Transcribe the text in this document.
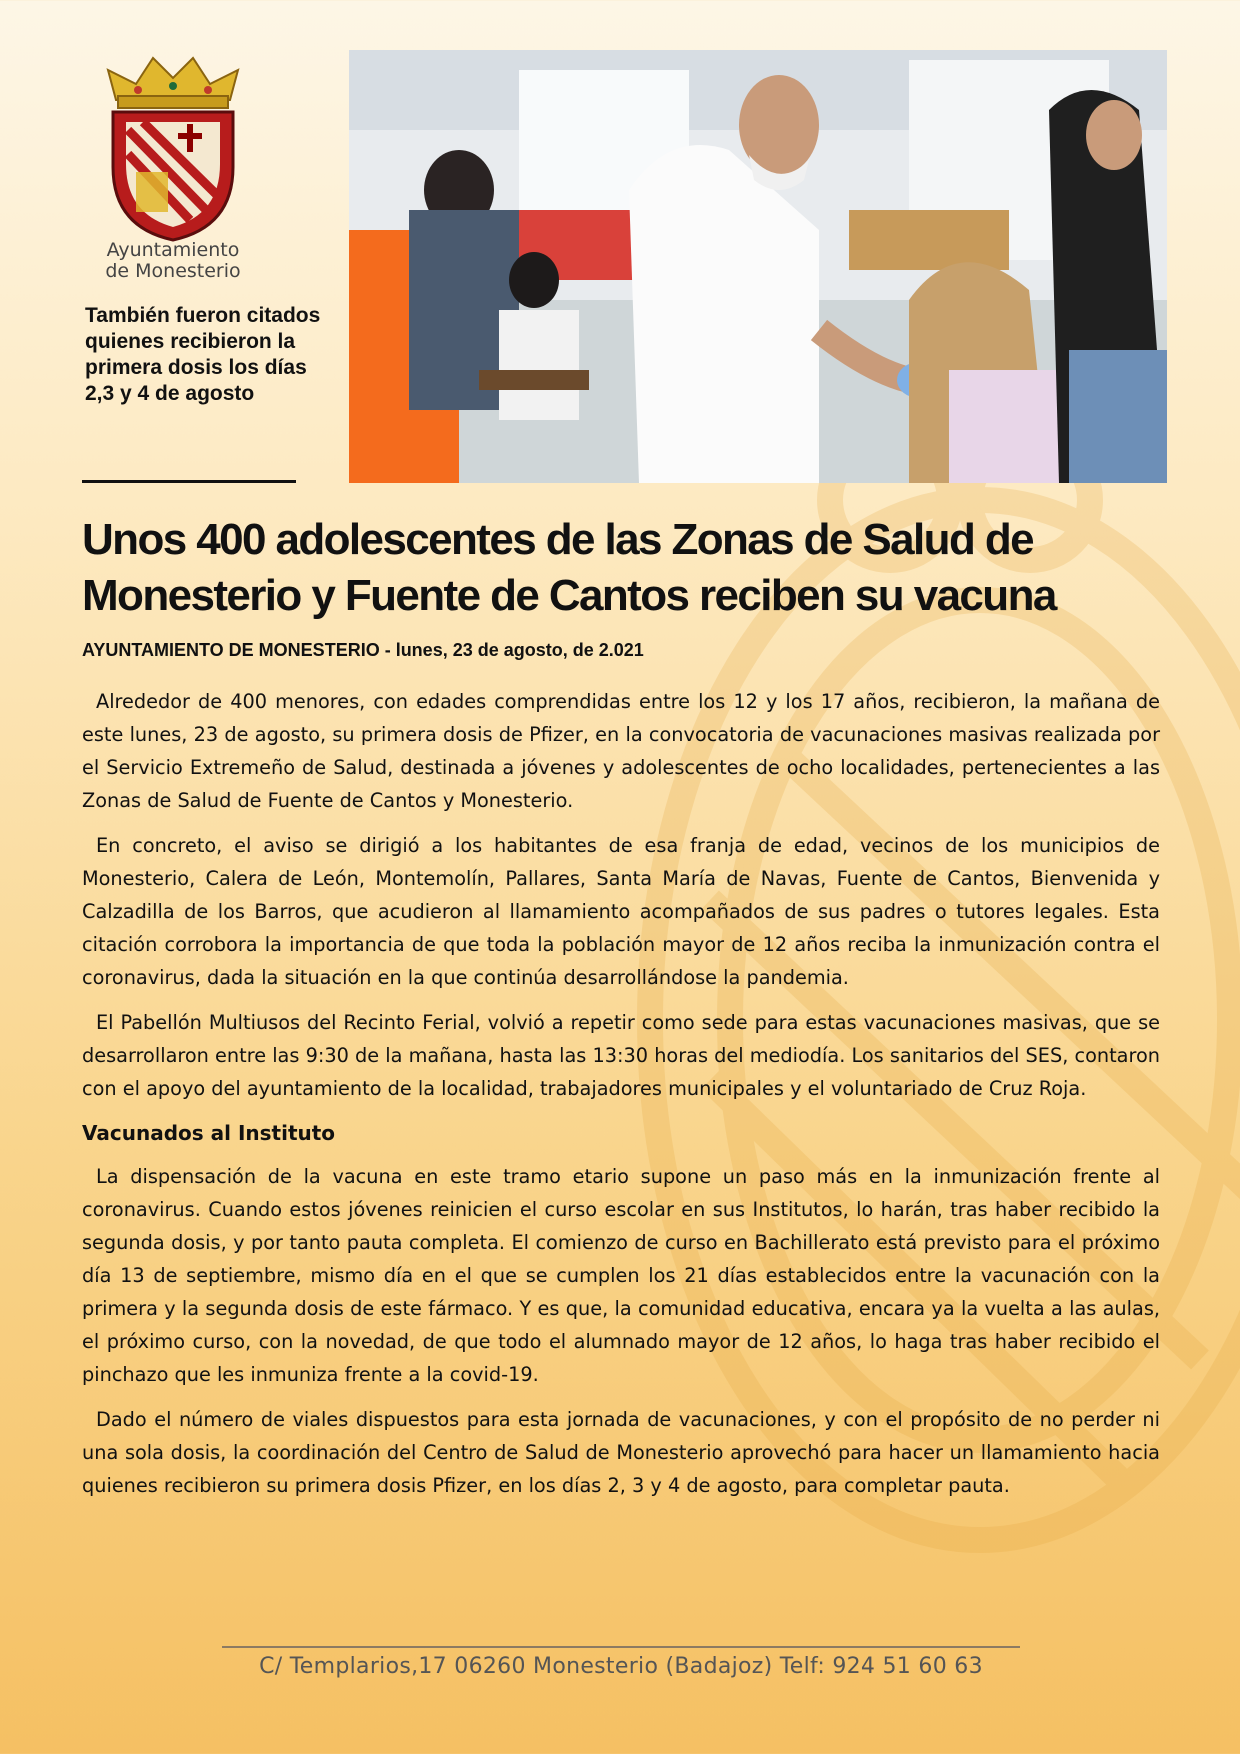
Ayuntamiento
de Monesterio
También fueron citados quienes recibieron la primera dosis los días 2,3 y 4 de agosto
Unos 400 adolescentes de las Zonas de Salud de Monesterio y Fuente de Cantos reciben su vacuna
AYUNTAMIENTO DE MONESTERIO - lunes, 23 de agosto, de 2.021

Alrededor de 400 menores, con edades comprendidas entre los 12 y los 17 años, recibieron, la mañana de este lunes, 23 de agosto, su primera dosis de Pfizer, en la convocatoria de vacunaciones masivas realizada por el Servicio Extremeño de Salud, destinada a jóvenes y adolescentes de ocho localidades, pertenecientes a las Zonas de Salud de Fuente de Cantos y Monesterio.

En concreto, el aviso se dirigió a los habitantes de esa franja de edad, vecinos de los municipios de Monesterio, Calera de León, Montemolín, Pallares, Santa María de Navas, Fuente de Cantos, Bienvenida y Calzadilla de los Barros, que acudieron al llamamiento acompañados de sus padres o tutores legales. Esta citación corrobora la importancia de que toda la población mayor de 12 años reciba la inmunización contra el coronavirus, dada la situación en la que continúa desarrollándose la pandemia.

El Pabellón Multiusos del Recinto Ferial, volvió a repetir como sede para estas vacunaciones masivas, que se desarrollaron entre las 9:30 de la mañana, hasta las 13:30 horas del mediodía. Los sanitarios del SES, contaron con el apoyo del ayuntamiento de la localidad, trabajadores municipales y el voluntariado de Cruz Roja.

Vacunados al Instituto

La dispensación de la vacuna en este tramo etario supone un paso más en la inmunización frente al coronavirus. Cuando estos jóvenes reinicien el curso escolar en sus Institutos, lo harán, tras haber recibido la segunda dosis, y por tanto pauta completa. El comienzo de curso en Bachillerato está previsto para el próximo día 13 de septiembre, mismo día en el que se cumplen los 21 días establecidos entre la vacunación con la primera y la segunda dosis de este fármaco. Y es que, la comunidad educativa, encara ya la vuelta a las aulas, el próximo curso, con la novedad, de que todo el alumnado mayor de 12 años, lo haga tras haber recibido el pinchazo que les inmuniza frente a la covid-19.

Dado el número de viales dispuestos para esta jornada de vacunaciones, y con el propósito de no perder ni una sola dosis, la coordinación del Centro de Salud de Monesterio aprovechó para hacer un llamamiento hacia quienes recibieron su primera dosis Pfizer, en los días 2, 3 y 4 de agosto, para completar pauta.

C/ Templarios,17 06260 Monesterio (Badajoz) Telf: 924 51 60 63
